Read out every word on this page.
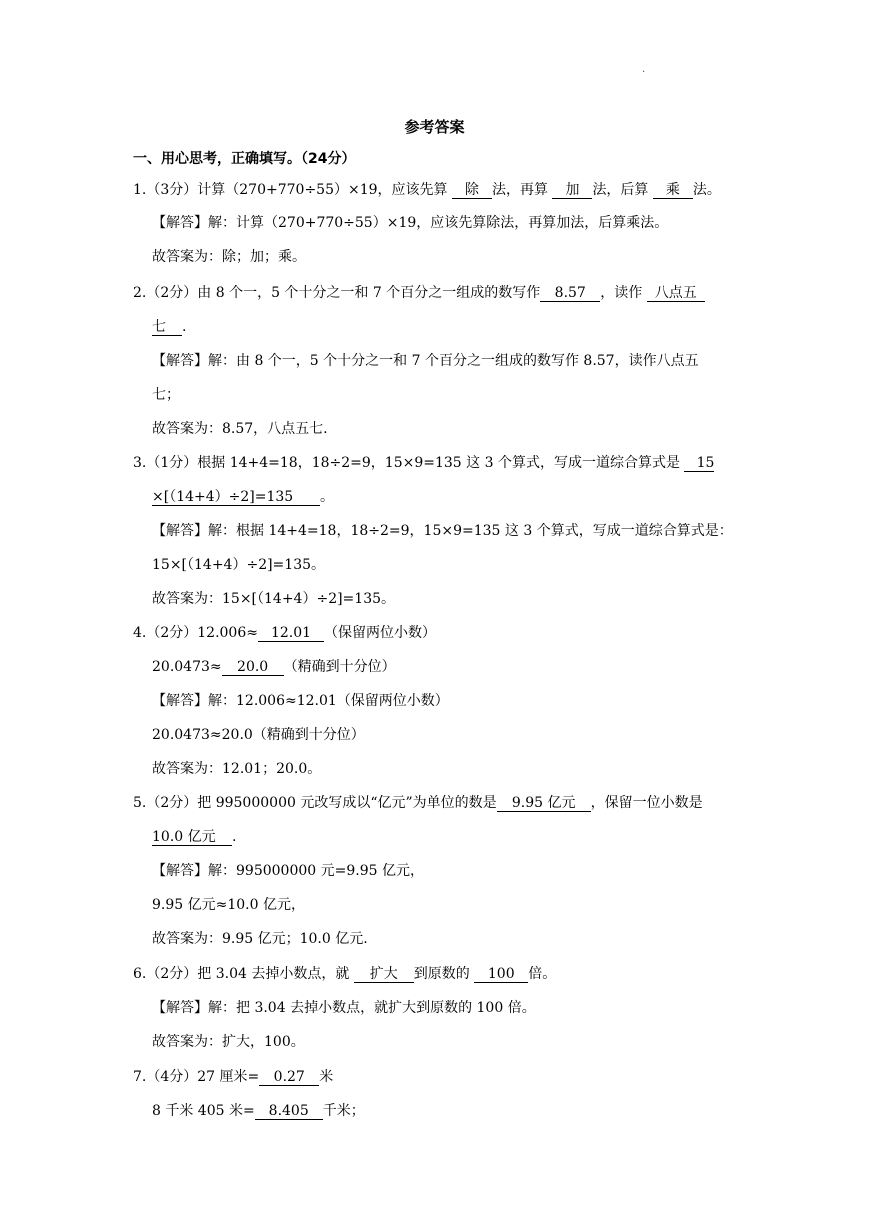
.
参考答案
一、用心思考，正确填写。（24分）
1.（3分）计算（270+770÷55）×19，应该先算 除 法，再算 加 法，后算 乘 法。
【解答】解：计算（270+770÷55）×19，应该先算除法，再算加法，后算乘法。
故答案为：除；加；乘。
2.（2分）由 8 个一，5 个十分之一和 7 个百分之一组成的数写作 8.57 ，读作 八点五
七 .
【解答】解：由 8 个一，5 个十分之一和 7 个百分之一组成的数写作 8.57，读作八点五
七；
故答案为：8.57，八点五七.
3.（1分）根据 14+4=18，18÷2=9，15×9=135 这 3 个算式，写成一道综合算式是 15
×[（14+4）÷2]=135 。
【解答】解：根据 14+4=18，18÷2=9，15×9=135 这 3 个算式，写成一道综合算式是：
15×[（14+4）÷2]=135。
故答案为：15×[（14+4）÷2]=135。
4.（2分）12.006≈ 12.01 （保留两位小数）
20.0473≈ 20.0 （精确到十分位）
【解答】解：12.006≈12.01（保留两位小数）
20.0473≈20.0（精确到十分位）
故答案为：12.01；20.0。
5.（2分）把 995000000 元改写成以“亿元”为单位的数是 9.95 亿元 ，保留一位小数是
10.0 亿元 .
【解答】解：995000000 元=9.95 亿元，
9.95 亿元≈10.0 亿元，
故答案为：9.95 亿元；10.0 亿元.
6.（2分）把 3.04 去掉小数点，就 扩大 到原数的 100 倍。
【解答】解：把 3.04 去掉小数点，就扩大到原数的 100 倍。
故答案为：扩大，100。
7.（4分）27 厘米= 0.27 米
8 千米 405 米= 8.405 千米；
